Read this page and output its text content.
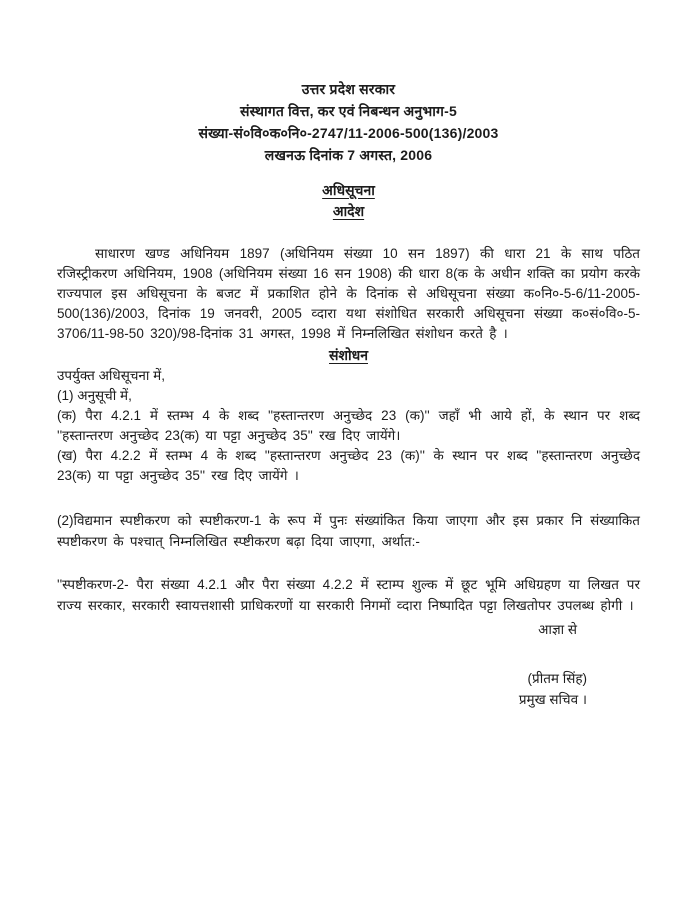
उत्तर प्रदेश सरकार
संस्थागत वित्त, कर एवं निबन्धन अनुभाग-5
संख्या-सं०वि०क०नि०-2747/11-2006-500(136)/2003
लखनऊ दिनांक 7 अगस्त, 2006
अधिसूचना
आदेश
साधारण खण्ड अधिनियम 1897 (अधिनियम संख्या 10 सन 1897) की धारा 21 के साथ पठित रजिस्ट्रीकरण अधिनियम, 1908 (अधिनियम संख्या 16 सन 1908) की धारा 8(क के अधीन शक्ति का प्रयोग करके राज्यपाल इस अधिसूचना के बजट में प्रकाशित होने के दिनांक से अधिसूचना संख्या क०नि०-5-6/11-2005-500(136)/2003, दिनांक 19 जनवरी, 2005 व्दारा यथा संशोधित सरकारी अधिसूचना संख्या क०सं०वि०-5-3706/11-98-50 320)/98-दिनांक 31 अगस्त, 1998 में निम्नलिखित संशोधन करते है ।
संशोधन
उपर्युक्त अधिसूचना में,
(1) अनुसूची में,
(क) पैरा 4.2.1 में स्तम्भ 4 के शब्द ''हस्तान्तरण अनुच्छेद 23 (क)'' जहाँ भी आये हों, के स्थान पर शब्द ''हस्तान्तरण अनुच्छेद 23(क) या पट्टा अनुच्छेद 35'' रख दिए जायेंगे।
(ख) पैरा 4.2.2 में स्तम्भ 4 के शब्द ''हस्तान्तरण अनुच्छेद 23 (क)'' के स्थान पर शब्द ''हस्तान्तरण अनुच्छेद 23(क) या पट्टा अनुच्छेद 35'' रख दिए जायेंगे ।
(2)विद्यमान स्पष्टीकरण को स्पष्टीकरण-1 के रूप में पुनः संख्यांकित किया जाएगा और इस प्रकार नि संख्याकित स्पष्टीकरण के पश्चात् निम्नलिखित स्प्ष्टीकरण बढ़ा दिया जाएगा, अर्थात:-
''स्पष्टीकरण-2- पैरा संख्या 4.2.1 और पैरा संख्या 4.2.2 में स्टाम्प शुल्क में छूट भूमि अधिग्रहण या लिखत पर राज्य सरकार, सरकारी स्वायत्तशासी प्राधिकरणों या सरकारी निगमों व्दारा निष्पादित पट्टा लिखतोपर उपलब्ध होगी ।
आज्ञा से
(प्रीतम सिंह)
प्रमुख सचिव ।
